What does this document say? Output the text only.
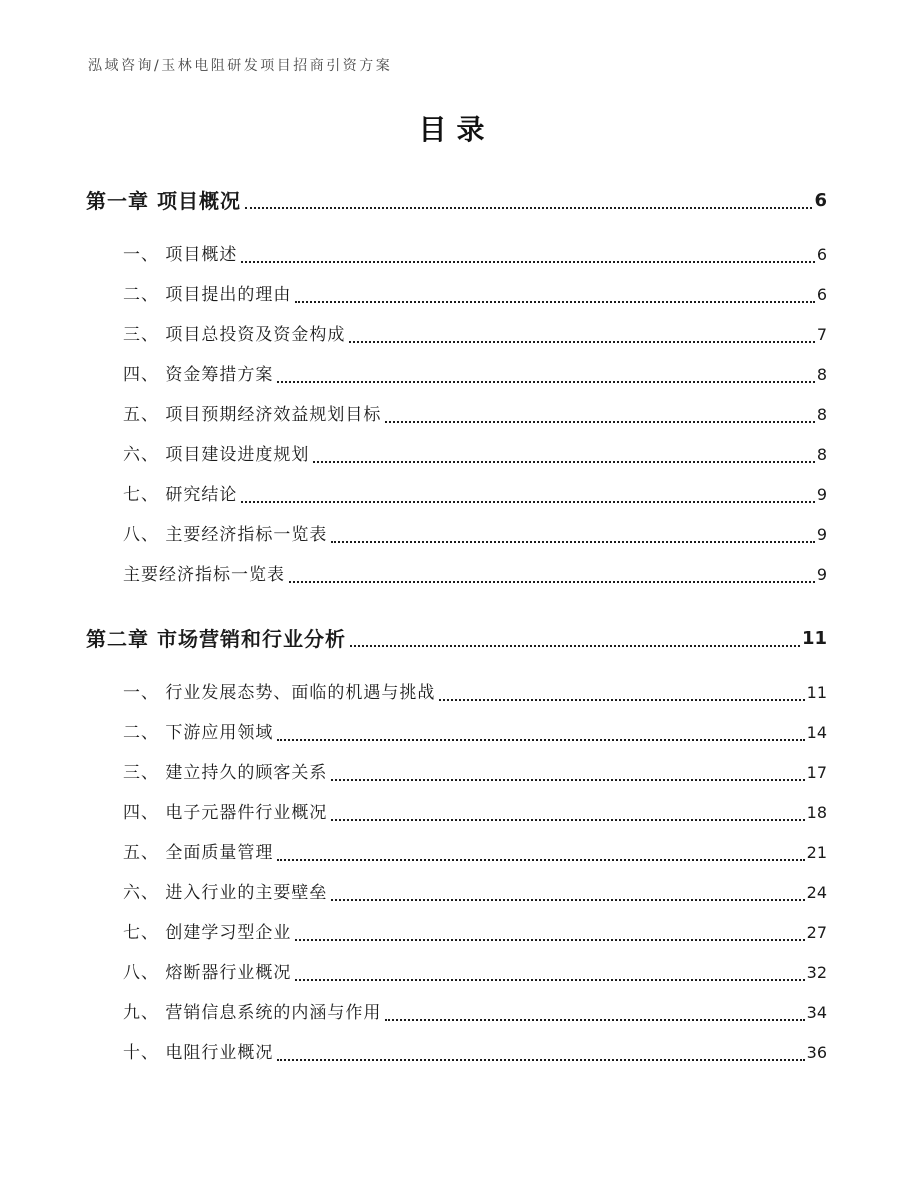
泓域咨询/玉林电阻研发项目招商引资方案
目录
第一章 项目概况	6
一、 项目概述	6
二、 项目提出的理由	6
三、 项目总投资及资金构成	7
四、 资金筹措方案	8
五、 项目预期经济效益规划目标	8
六、 项目建设进度规划	8
七、 研究结论	9
八、 主要经济指标一览表	9
主要经济指标一览表	9
第二章 市场营销和行业分析	11
一、 行业发展态势、面临的机遇与挑战	11
二、 下游应用领域	14
三、 建立持久的顾客关系	17
四、 电子元器件行业概况	18
五、 全面质量管理	21
六、 进入行业的主要壁垒	24
七、 创建学习型企业	27
八、 熔断器行业概况	32
九、 营销信息系统的内涵与作用	34
十、 电阻行业概况	36
